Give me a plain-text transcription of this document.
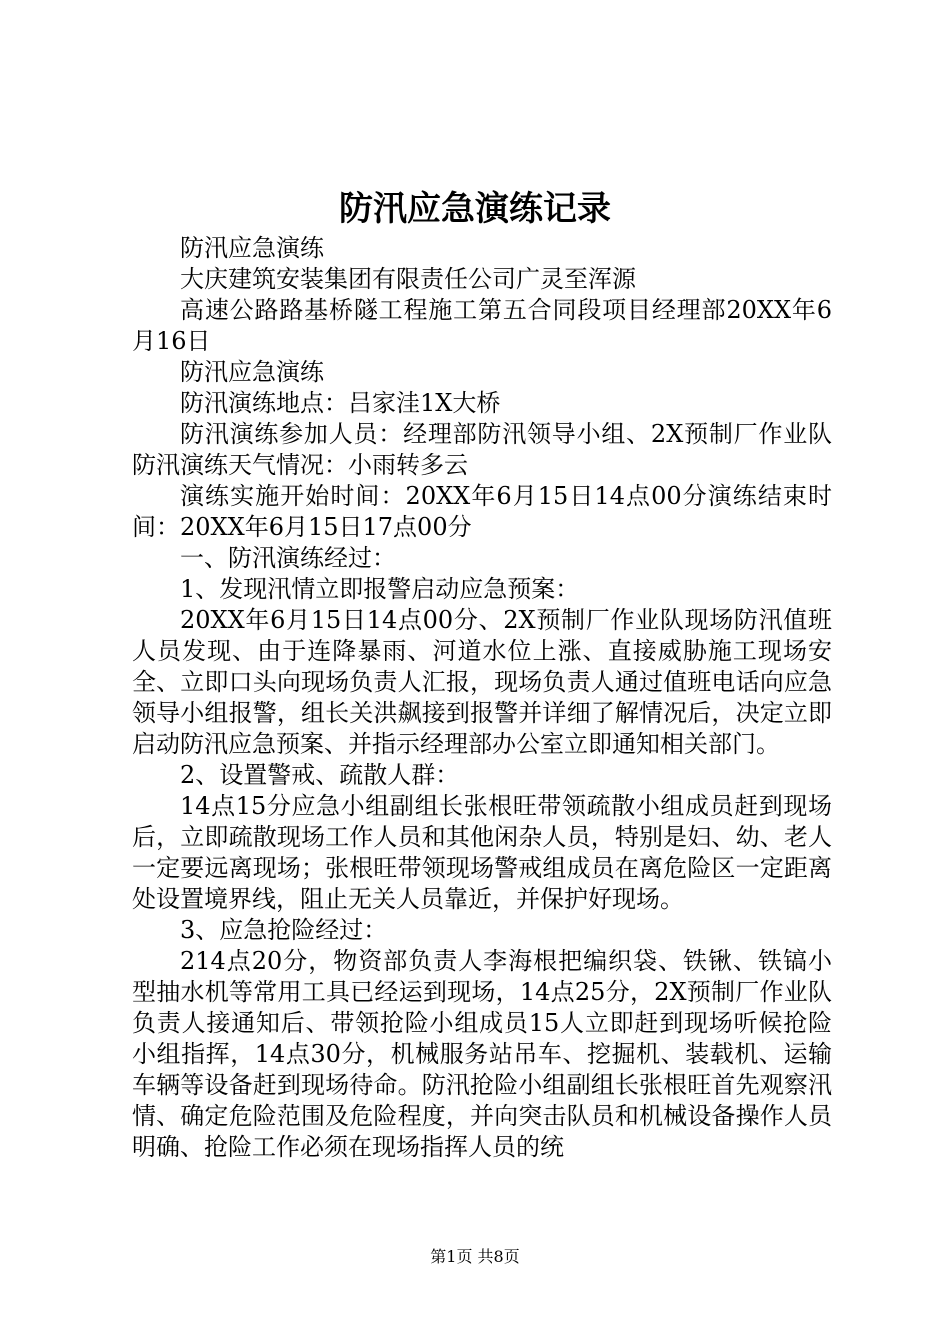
防汛应急演练记录

防汛应急演练

大庆建筑安装集团有限责任公司广灵至浑源

高速公路路基桥隧工程施工第五合同段项目经理部20XX年6月16日

防汛应急演练

防汛演练地点：吕家洼1X大桥

防汛演练参加人员：经理部防汛领导小组、2X预制厂作业队防汛演练天气情况：小雨转多云

演练实施开始时间：20XX年6月15日14点00分演练结束时间：20XX年6月15日17点00分

一、防汛演练经过：

1、发现汛情立即报警启动应急预案：

20XX年6月15日14点00分、2X预制厂作业队现场防汛值班人员发现、由于连降暴雨、河道水位上涨、直接威胁施工现场安全、立即口头向现场负责人汇报，现场负责人通过值班电话向应急领导小组报警，组长关洪飙接到报警并详细了解情况后，决定立即启动防汛应急预案、并指示经理部办公室立即通知相关部门。

2、设置警戒、疏散人群：

14点15分应急小组副组长张根旺带领疏散小组成员赶到现场后，立即疏散现场工作人员和其他闲杂人员，特别是妇、幼、老人一定要远离现场；张根旺带领现场警戒组成员在离危险区一定距离处设置境界线，阻止无关人员靠近，并保护好现场。

3、应急抢险经过：

214点20分，物资部负责人李海根把编织袋、铁锹、铁镐小型抽水机等常用工具已经运到现场，14点25分，2X预制厂作业队负责人接通知后、带领抢险小组成员15人立即赶到现场听候抢险小组指挥，14点30分，机械服务站吊车、挖掘机、装载机、运输车辆等设备赶到现场待命。防汛抢险小组副组长张根旺首先观察汛情、确定危险范围及危险程度，并向突击队员和机械设备操作人员明确、抢险工作必须在现场指挥人员的统

第1页 共8页
